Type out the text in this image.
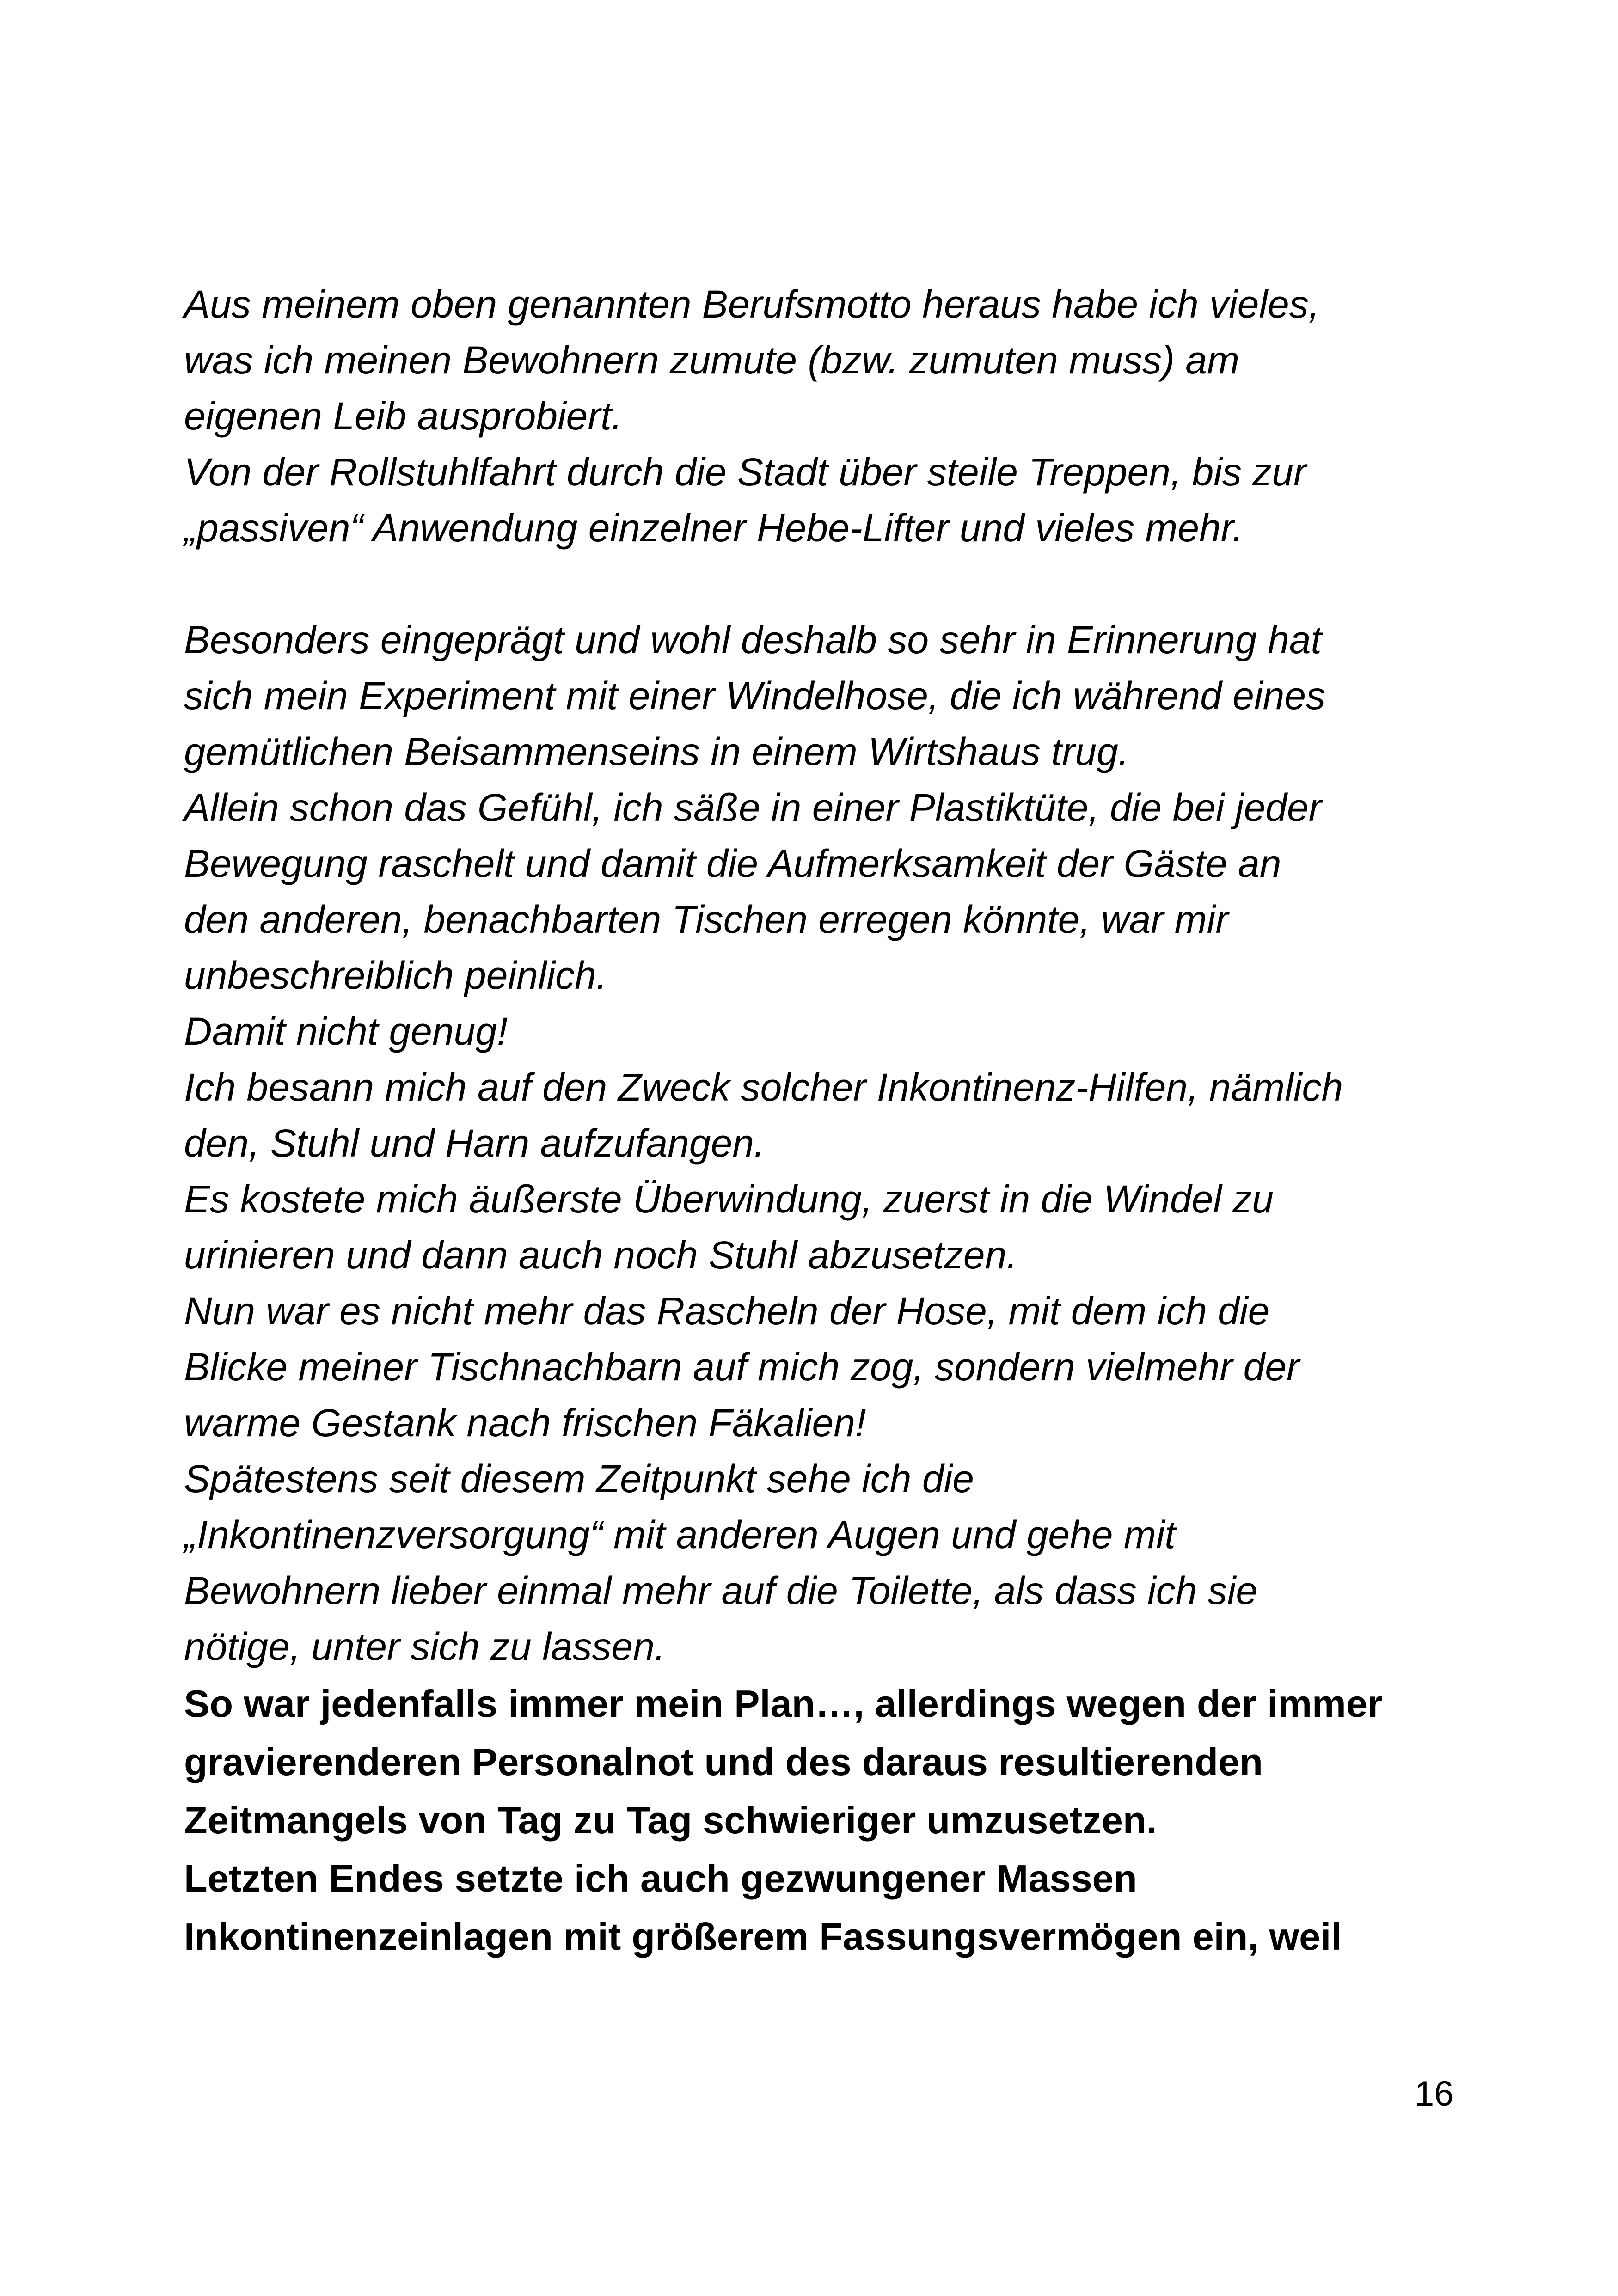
Aus meinem oben genannten Berufsmotto heraus habe ich vieles,
was ich meinen Bewohnern zumute (bzw. zumuten muss) am
eigenen Leib ausprobiert.
Von der Rollstuhlfahrt durch die Stadt über steile Treppen, bis zur
„passiven“ Anwendung einzelner Hebe-Lifter und vieles mehr.
Besonders eingeprägt und wohl deshalb so sehr in Erinnerung hat
sich mein Experiment mit einer Windelhose, die ich während eines
gemütlichen Beisammenseins in einem Wirtshaus trug.
Allein schon das Gefühl, ich säße in einer Plastiktüte, die bei jeder
Bewegung raschelt und damit die Aufmerksamkeit der Gäste an
den anderen, benachbarten Tischen erregen könnte, war mir
unbeschreiblich peinlich.
Damit nicht genug!
Ich besann mich auf den Zweck solcher Inkontinenz-Hilfen, nämlich
den, Stuhl und Harn aufzufangen.
Es kostete mich äußerste Überwindung, zuerst in die Windel zu
urinieren und dann auch noch Stuhl abzusetzen.
Nun war es nicht mehr das Rascheln der Hose, mit dem ich die
Blicke meiner Tischnachbarn auf mich zog, sondern vielmehr der
warme Gestank nach frischen Fäkalien!
Spätestens seit diesem Zeitpunkt sehe ich die
„Inkontinenzversorgung“ mit anderen Augen und gehe mit
Bewohnern lieber einmal mehr auf die Toilette, als dass ich sie
nötige, unter sich zu lassen.
So war jedenfalls immer mein Plan…, allerdings wegen der immer
gravierenderen Personalnot und des daraus resultierenden
Zeitmangels von Tag zu Tag schwieriger umzusetzen.
Letzten Endes setzte ich auch gezwungener Massen
Inkontinenzeinlagen mit größerem Fassungsvermögen ein, weil
16
